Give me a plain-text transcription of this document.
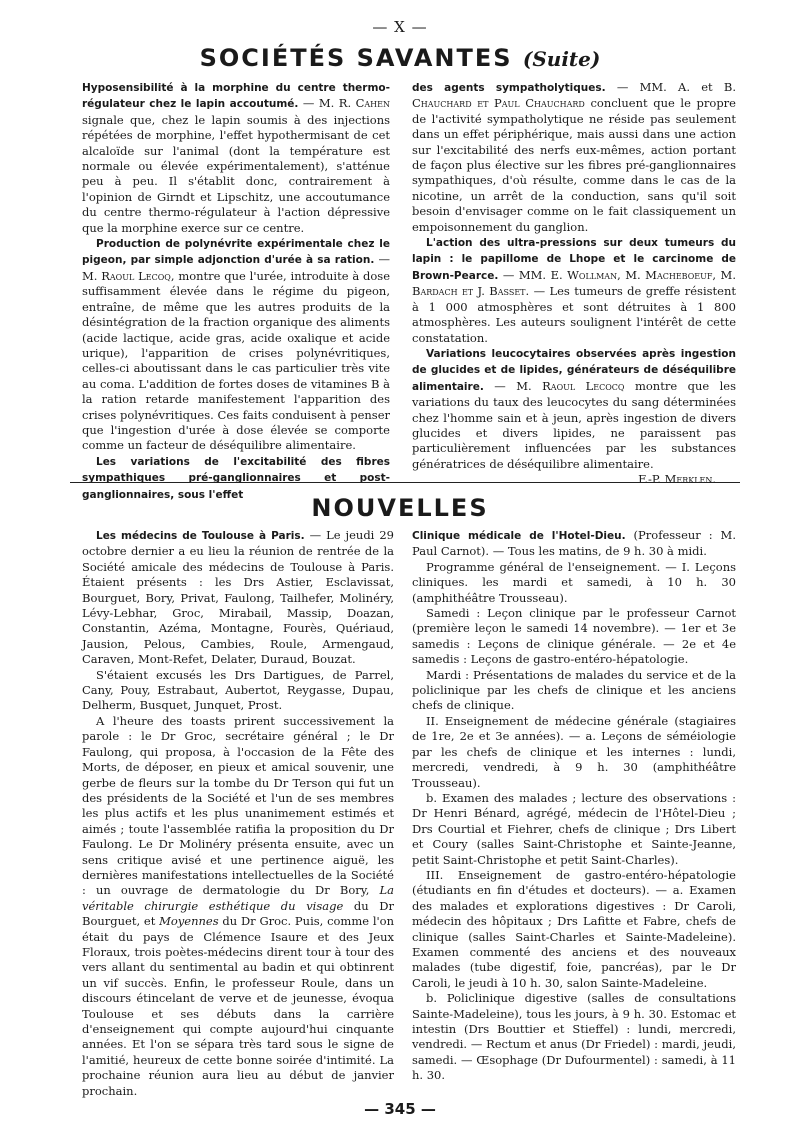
— X —
SOCIÉTÉS SAVANTES (Suite)

Hyposensibilité à la morphine du centre thermo-régulateur chez le lapin accoutumé. — M. R. Cahen signale que, chez le lapin soumis à des injections répétées de morphine, l'effet hypothermisant de cet alcaloïde sur l'animal (dont la température est normale ou élevée expérimentalement), s'atténue peu à peu. Il s'établit donc, contrairement à l'opinion de Girndt et Lipschitz, une accoutumance du centre thermo-régulateur à l'action dépressive que la morphine exerce sur ce centre.

Production de polynévrite expérimentale chez le pigeon, par simple adjonction d'urée à sa ration. — M. Raoul Lecoq, montre que l'urée, introduite à dose suffisamment élevée dans le régime du pigeon, entraîne, de même que les autres produits de la désintégration de la fraction organique des aliments (acide lactique, acide gras, acide oxalique et acide urique), l'apparition de crises polynévritiques, celles-ci aboutissant dans le cas particulier très vite au coma. L'addition de fortes doses de vitamines B à la ration retarde manifestement l'apparition des crises polynévritiques. Ces faits conduisent à penser que l'ingestion d'urée à dose élevée se comporte comme un facteur de déséquilibre alimentaire.

Les variations de l'excitabilité des fibres sympathiques pré-ganglionnaires et post-ganglionnaires, sous l'effet

des agents sympatholytiques. — MM. A. et B. Chauchard et Paul Chauchard concluent que le propre de l'activité sympatholytique ne réside pas seulement dans un effet périphérique, mais aussi dans une action sur l'excitabilité des nerfs eux-mêmes, action portant de façon plus élective sur les fibres pré-ganglionnaires sympathiques, d'où résulte, comme dans le cas de la nicotine, un arrêt de la conduction, sans qu'il soit besoin d'envisager comme on le fait classiquement un empoisonnement du ganglion.

L'action des ultra-pressions sur deux tumeurs du lapin : le papillome de Lhope et le carcinome de Brown-Pearce. — MM. E. Wollman, M. Macheboeuf, M. Bardach et J. Basset. — Les tumeurs de greffe résistent à 1 000 atmosphères et sont détruites à 1 800 atmosphères. Les auteurs soulignent l'intérêt de cette constatation.

Variations leucocytaires observées après ingestion de glucides et de lipides, générateurs de déséquilibre alimentaire. — M. Raoul Lecocq montre que les variations du taux des leucocytes du sang déterminées chez l'homme sain et à jeun, après ingestion de divers glucides et divers lipides, ne paraissent pas particulièrement influencées par les substances génératrices de déséquilibre alimentaire.

F.-P. Merklen.
NOUVELLES

Les médecins de Toulouse à Paris. — Le jeudi 29 octobre dernier a eu lieu la réunion de rentrée de la Société amicale des médecins de Toulouse à Paris. Étaient présents : les Drs Astier, Esclavissat, Bourguet, Bory, Privat, Faulong, Tailhefer, Molinéry, Lévy-Lebhar, Groc, Mirabail, Massip, Doazan, Constantin, Azéma, Montagne, Fourès, Quériaud, Jausion, Pelous, Cambies, Roule, Armengaud, Caraven, Mont-Refet, Delater, Duraud, Bouzat.

S'étaient excusés les Drs Dartigues, de Parrel, Cany, Pouy, Estrabaut, Aubertot, Reygasse, Dupau, Delherm, Busquet, Junquet, Prost.

A l'heure des toasts prirent successivement la parole : le Dr Groc, secrétaire général ; le Dr Faulong, qui proposa, à l'occasion de la Fête des Morts, de déposer, en pieux et amical souvenir, une gerbe de fleurs sur la tombe du Dr Terson qui fut un des présidents de la Société et l'un de ses membres les plus actifs et les plus unanimement estimés et aimés ; toute l'assemblée ratifia la proposition du Dr Faulong. Le Dr Molinéry présenta ensuite, avec un sens critique avisé et une pertinence aiguë, les dernières manifestations intellectuelles de la Société : un ouvrage de dermatologie du Dr Bory, La véritable chirurgie esthétique du visage du Dr Bourguet, et Moyennes du Dr Groc. Puis, comme l'on était du pays de Clémence Isaure et des Jeux Floraux, trois poètes-médecins dirent tour à tour des vers allant du sentimental au badin et qui obtinrent un vif succès. Enfin, le professeur Roule, dans un discours étincelant de verve et de jeunesse, évoqua Toulouse et ses débuts dans la carrière d'enseignement qui compte aujourd'hui cinquante années. Et l'on se sépara très tard sous le signe de l'amitié, heureux de cette bonne soirée d'intimité. La prochaine réunion aura lieu au début de janvier prochain.

Clinique médicale de l'Hotel-Dieu. (Professeur : M. Paul Carnot). — Tous les matins, de 9 h. 30 à midi.

Programme général de l'enseignement. — I. Leçons cliniques. les mardi et samedi, à 10 h. 30 (amphithéâtre Trousseau).

Samedi : Leçon clinique par le professeur Carnot (première leçon le samedi 14 novembre). — 1er et 3e samedis : Leçons de clinique générale. — 2e et 4e samedis : Leçons de gastro-entéro-hépatologie.

Mardi : Présentations de malades du service et de la policlinique par les chefs de clinique et les anciens chefs de clinique.

II. Enseignement de médecine générale (stagiaires de 1re, 2e et 3e années). — a. Leçons de séméiologie par les chefs de clinique et les internes : lundi, mercredi, vendredi, à 9 h. 30 (amphithéâtre Trousseau).

b. Examen des malades ; lecture des observations : Dr Henri Bénard, agrégé, médecin de l'Hôtel-Dieu ; Drs Courtial et Fiehrer, chefs de clinique ; Drs Libert et Coury (salles Saint-Christophe et Sainte-Jeanne, petit Saint-Christophe et petit Saint-Charles).

III. Enseignement de gastro-entéro-hépatologie (étudiants en fin d'études et docteurs). — a. Examen des malades et explorations digestives : Dr Caroli, médecin des hôpitaux ; Drs Lafitte et Fabre, chefs de clinique (salles Saint-Charles et Sainte-Madeleine). Examen commenté des anciens et des nouveaux malades (tube digestif, foie, pancréas), par le Dr Caroli, le jeudi à 10 h. 30, salon Sainte-Madeleine.

b. Policlinique digestive (salles de consultations Sainte-Madeleine), tous les jours, à 9 h. 30. Estomac et intestin (Drs Bouttier et Stieffel) : lundi, mercredi, vendredi. — Rectum et anus (Dr Friedel) : mardi, jeudi, samedi. — Œsophage (Dr Dufourmentel) : samedi, à 11 h. 30.

— 345 —
